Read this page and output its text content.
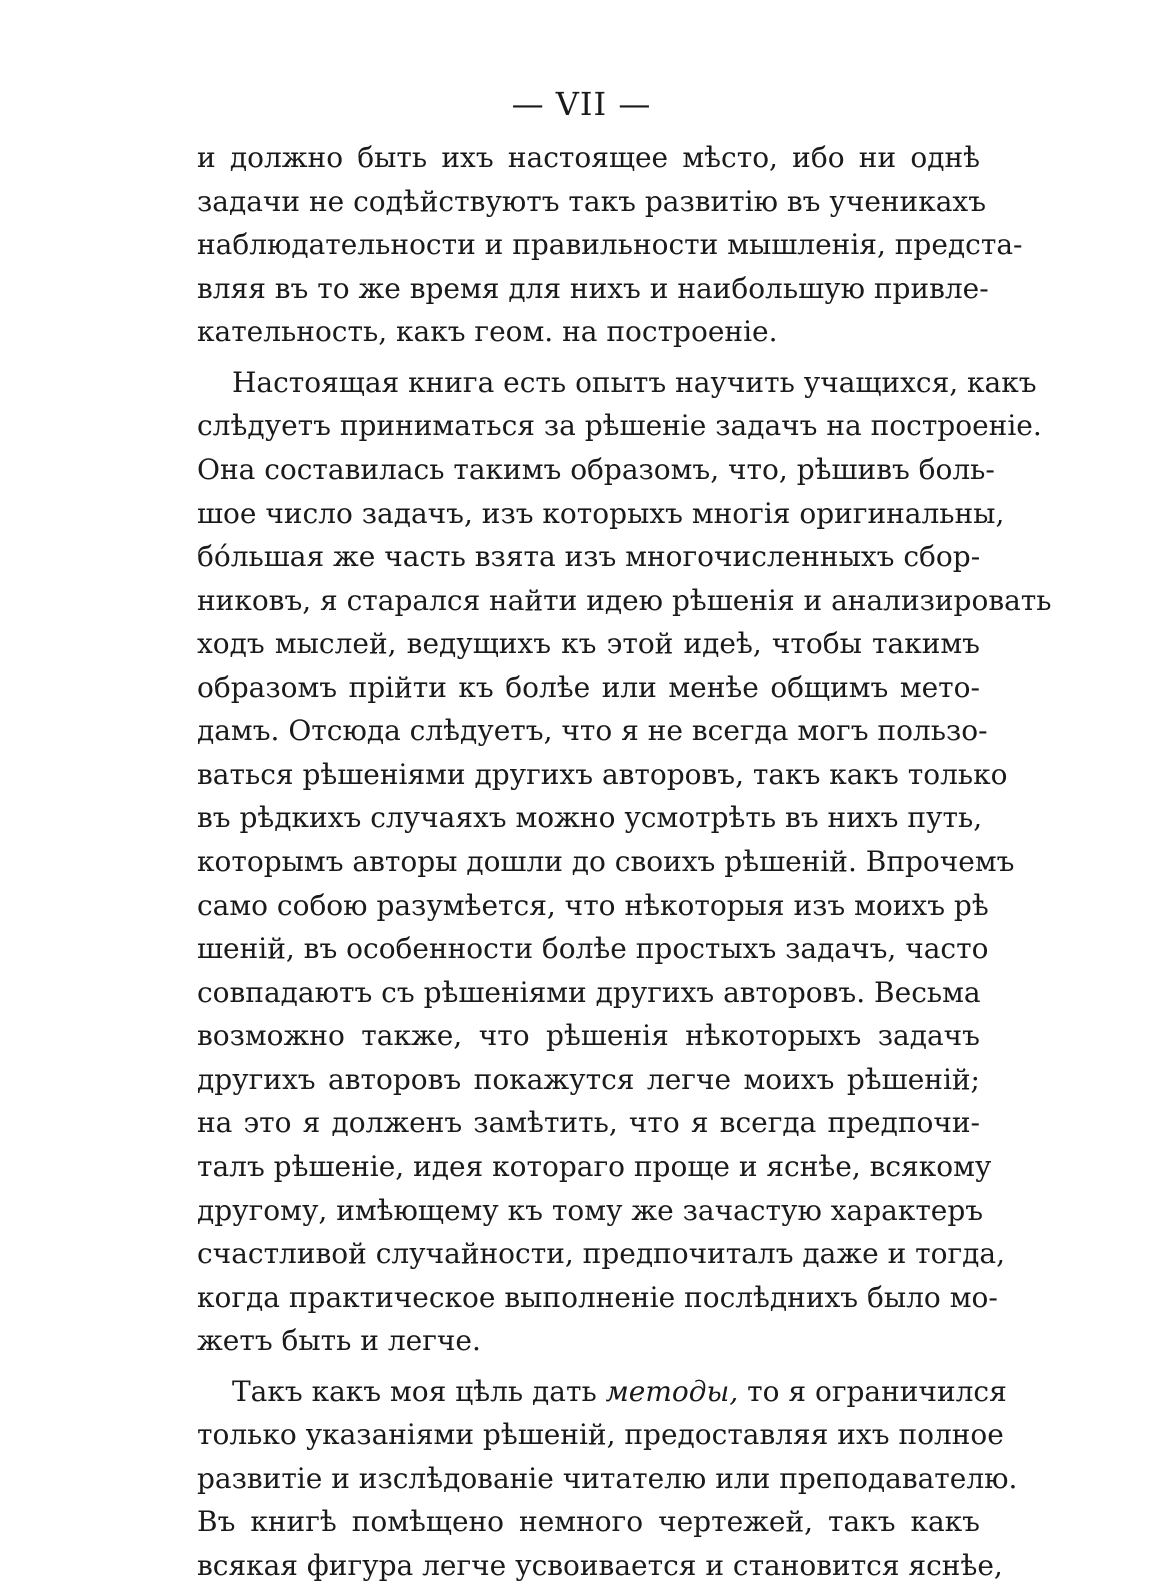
— VII —
и должно быть ихъ настоящее мѣсто, ибо ни однѣ
задачи не содѣйствуютъ такъ развитію въ ученикахъ
наблюдательности и правильности мышленія, предста-
вляя въ то же время для нихъ и наибольшую привле-
кательность, какъ геом. на построеніе.
Настоящая книга есть опытъ научить учащихся, какъ
слѣдуетъ приниматься за рѣшеніе задачъ на построеніе.
Она составилась такимъ образомъ, что, рѣшивъ боль-
шое число задачъ, изъ которыхъ многія оригинальны,
бóльшая же часть взята изъ многочисленныхъ сбор-
никовъ, я старался найти идею рѣшенія и анализировать
ходъ мыслей, ведущихъ къ этой идеѣ, чтобы такимъ
образомъ прiйти къ болѣе или менѣе общимъ мето-
дамъ. Отсюда слѣдуетъ, что я не всегда могъ пользо-
ваться рѣшеніями другихъ авторовъ, такъ какъ только
въ рѣдкихъ случаяхъ можно усмотрѣть въ нихъ путь,
которымъ авторы дошли до своихъ рѣшеній. Впрочемъ
само собою разумѣется, что нѣкоторыя изъ моихъ рѣ
шеній, въ особенности болѣе простыхъ задачъ, часто
совпадаютъ съ рѣшеніями другихъ авторовъ. Весьма
возможно также, что рѣшенія нѣкоторыхъ задачъ
другихъ авторовъ покажутся легче моихъ рѣшеній;
на это я долженъ замѣтить, что я всегда предпочи-
талъ рѣшеніе, идея котораго проще и яснѣе, всякому
другому, имѣющему къ тому же зачастую характеръ
счастливой случайности, предпочиталъ даже и тогда,
когда практическое выполненіе послѣднихъ было мо-
жетъ быть и легче.
Такъ какъ моя цѣль дать методы, то я ограничился
только указаніями рѣшеній, предоставляя ихъ полное
развитіе и изслѣдованіе читателю или преподавателю.
Въ книгѣ помѣщено немного чертежей, такъ какъ
всякая фигура легче усвоивается и становится яснѣе,
